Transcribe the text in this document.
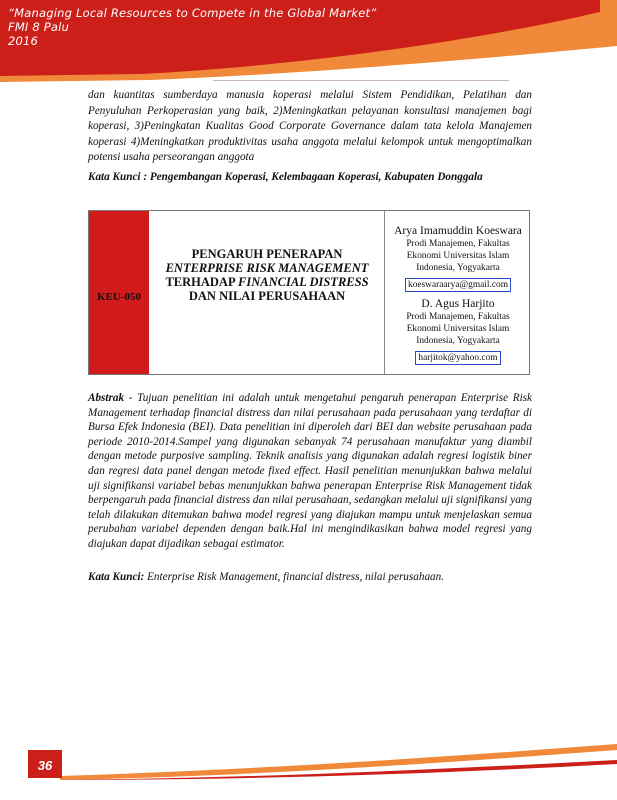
“Managing Local Resources to Compete in the Global Market”
FMI 8 Palu
2016
dan kuantitas sumberdaya manusia koperasi melalui Sistem Pendidikan, Pelatihan dan Penyuluhan Perkoperasian yang baik, 2)Meningkatkan pelayanan konsultasi manajemen bagi koperasi, 3)Peningkatan Kualitas Good Corporate Governance dalam tata kelola Manajemen koperasi 4)Meningkatkan produktivitas usaha anggota melalui kelompok untuk mengoptimalkan potensi usaha perseorangan anggota
Kata Kunci : Pengembangan Koperasi, Kelembagaan Koperasi, Kabupaten Donggala
KEU-050
PENGARUH PENERAPAN
ENTERPRISE RISK MANAGEMENT
TERHADAP FINANCIAL DISTRESS
DAN NILAI PERUSAHAAN
Arya Imamuddin Koeswara
Prodi Manajemen, Fakultas
Ekonomi Universitas Islam
Indonesia, Yogyakarta
koeswaraarya@gmail.com
D. Agus Harjito
Prodi Manajemen, Fakultas
Ekonomi Universitas Islam
Indonesia, Yogyakarta
harjitok@yahoo.com
Abstrak - Tujuan penelitian ini adalah untuk mengetahui pengaruh penerapan Enterprise Risk Management terhadap financial distress dan nilai perusahaan pada perusahaan yang terdaftar di Bursa Efek Indonesia (BEI). Data penelitian ini diperoleh dari BEI dan website perusahaan pada periode 2010-2014.Sampel yang digunakan sebanyak 74 perusahaan manufaktur yang diambil dengan metode purposive sampling. Teknik analisis yang digunakan adalah regresi logistik biner dan regresi data panel dengan metode fixed effect. Hasil penelitian menunjukkan bahwa melalui uji signifikansi variabel bebas menunjukkan bahwa penerapan Enterprise Risk Management tidak berpengaruh pada financial distress dan nilai perusahaan, sedangkan melalui uji signifikansi yang telah dilakukan ditemukan bahwa model regresi yang diajukan mampu untuk menjelaskan semua perubahan variabel dependen dengan baik.Hal ini mengindikasikan bahwa model regresi yang diajukan dapat dijadikan sebagai estimator.
Kata Kunci: Enterprise Risk Management, financial distress, nilai perusahaan.
36
